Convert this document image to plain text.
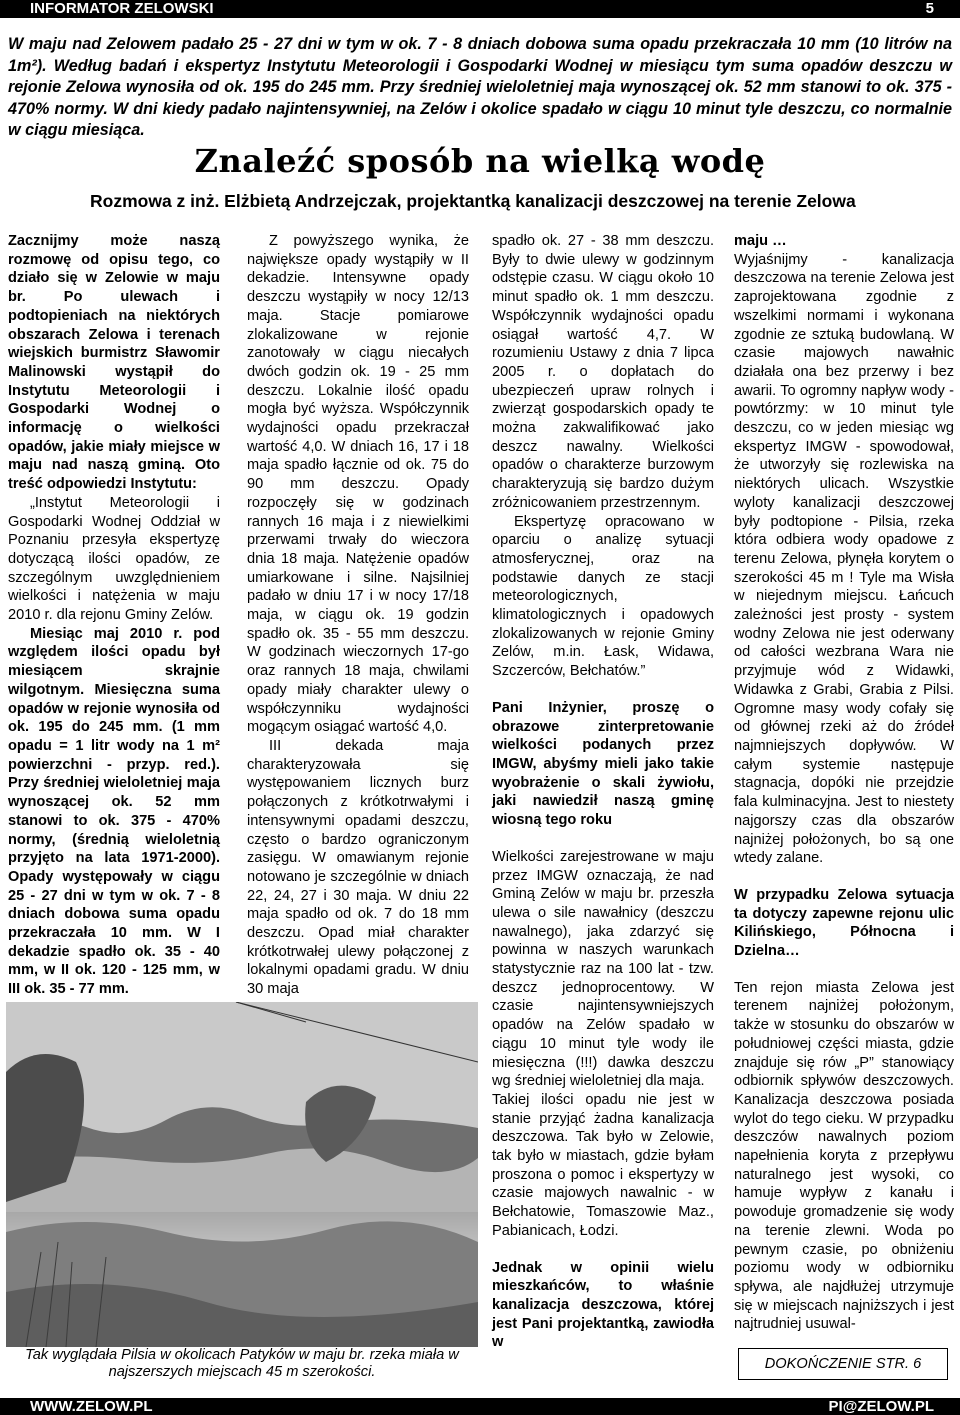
INFORMATOR ZELOWSKI	5
W maju nad Zelowem padało 25 - 27 dni w tym w ok. 7 - 8 dniach dobowa suma opadu przekraczała 10 mm (10 litrów na 1m²). Według badań i ekspertyz Instytutu Meteorologii i Gospodarki Wodnej w miesiącu tym suma opadów deszczu w rejonie Zelowa wynosiła od ok. 195 do 245 mm. Przy średniej wieloletniej maja wynoszącej ok. 52 mm stanowi to ok. 375 - 470% normy. W dni kiedy padało najintensywniej, na Zelów i okolice spadało w ciągu 10 minut tyle deszczu, co normalnie w ciągu miesiąca.
Znaleźć sposób na wielką wodę
Rozmowa z inż. Elżbietą Andrzejczak, projektantką kanalizacji deszczowej na terenie Zelowa

Zacznijmy może naszą rozmowę od opisu tego, co działo się w Zelowie w maju br. Po ulewach i podtopieniach na niektórych obszarach Zelowa i terenach wiejskich burmistrz Sławomir Malinowski wystąpił do Instytutu Meteorologii i Gospodarki Wodnej o informację o wielkości opadów, jakie miały miejsce w maju nad naszą gminą. Oto treść odpowiedzi Instytutu:

„Instytut Meteorologii i Gospodarki Wodnej Oddział w Poznaniu przesyła ekspertyzę dotyczącą ilości opadów, ze szczególnym uwzględnieniem wielkości i natężenia w maju 2010 r. dla rejonu Gminy Zelów.

Miesiąc maj 2010 r. pod względem ilości opadu był miesiącem skrajnie wilgotnym. Miesięczna suma opadów w rejonie wynosiła od ok. 195 do 245 mm. (1 mm opadu = 1 litr wody na 1 m² powierzchni - przyp. red.). Przy średniej wieloletniej maja wynoszącej ok. 52 mm stanowi to ok. 375 - 470% normy, (średnią wieloletnią przyjęto na lata 1971-2000). Opady występowały w ciągu 25 - 27 dni w tym w ok. 7 - 8 dniach dobowa suma opadu przekraczała 10 mm. W I dekadzie spadło ok. 35 - 40 mm, w II ok. 120 - 125 mm, w III ok. 35 - 77 mm.

Z powyższego wynika, że największe opady wystąpiły w II dekadzie. Intensywne opady deszczu wystąpiły w nocy 12/13 maja. Stacje pomiarowe zlokalizowane w rejonie zanotowały w ciągu niecałych dwóch godzin ok. 19 - 25 mm deszczu. Lokalnie ilość opadu mogła być wyższa. Współczynnik wydajności opadu przekraczał wartość 4,0. W dniach 16, 17 i 18 maja spadło łącznie od ok. 75 do 90 mm deszczu. Opady rozpoczęły się w godzinach rannych 16 maja i z niewielkimi przerwami trwały do wieczora dnia 18 maja. Natężenie opadów umiarkowane i silne. Najsilniej padało w dniu 17 i w nocy 17/18 maja, w ciągu ok. 19 godzin spadło ok. 35 - 55 mm deszczu. W godzinach wieczornych 17-go oraz rannych 18 maja, chwilami opady miały charakter ulewy o współczynniku wydajności mogącym osiągać wartość 4,0.

III dekada maja charakteryzowała się występowaniem licznych burz połączonych z krótkotrwałymi i intensywnymi opadami deszczu, często o bardzo ograniczonym zasięgu. W omawianym rejonie notowano je szczególnie w dniach 22, 24, 27 i 30 maja. W dniu 22 maja spadło od ok. 7 do 18 mm deszczu. Opad miał charakter krótkotrwałej ulewy połączonej z lokalnymi opadami gradu. W dniu 30 maja

spadło ok. 27 - 38 mm deszczu. Były to dwie ulewy w godzinnym odstępie czasu. W ciągu około 10 minut spadło ok. 1 mm deszczu. Współczynnik wydajności opadu osiągał wartość 4,7. W rozumieniu Ustawy z dnia 7 lipca 2005 r. o dopłatach do ubezpieczeń upraw rolnych i zwierząt gospodarskich opady te można zakwalifikować jako deszcz nawalny. Wielkości opadów o charakterze burzowym charakteryzują się bardzo dużym zróżnicowaniem przestrzennym.

Ekspertyzę opracowano w oparciu o analizę sytuacji atmosferycznej, oraz na podstawie danych ze stacji meteorologicznych, klimatologicznych i opadowych zlokalizowanych w rejonie Gminy Zelów, m.in. Łask, Widawa, Szczerców, Bełchatów.”

Pani Inżynier, proszę o obrazowe zinterpretowanie wielkości podanych przez IMGW, abyśmy mieli jako takie wyobrażenie o skali żywiołu, jaki nawiedził naszą gminę wiosną tego roku

Wielkości zarejestrowane w maju przez IMGW oznaczają, że nad Gminą Zelów w maju br. przeszła ulewa o sile nawałnicy (deszczu nawalnego), jaka zdarzyć się powinna w naszych warunkach statystycznie raz na 100 lat - tzw. deszcz jednoprocentowy. W czasie najintensywniejszych opadów na Zelów spadało w ciągu 10 minut tyle wody ile miesięczna (!!!) dawka deszczu wg średniej wieloletniej dla maja.

Takiej ilości opadu nie jest w stanie przyjąć żadna kanalizacja deszczowa. Tak było w Zelowie, tak było w miastach, gdzie byłam proszona o pomoc i ekspertyzy w czasie majowych nawalnic - w Bełchatowie, Tomaszowie Maz., Pabianicach, Łodzi.

Jednak w opinii wielu mieszkańców, to właśnie kanalizacja deszczowa, której jest Pani projektantką, zawiodła w

maju …

Wyjaśnijmy - kanalizacja deszczowa na terenie Zelowa jest zaprojektowana zgodnie z wszelkimi normami i wykonana zgodnie ze sztuką budowlaną. W czasie majowych nawałnic działała ona bez przerwy i bez awarii. To ogromny napływ wody - powtórzmy: w 10 minut tyle deszczu, co w jeden miesiąc wg ekspertyz IMGW - spowodował, że utworzyły się rozlewiska na niektórych ulicach. Wszystkie wyloty kanalizacji deszczowej były podtopione - Pilsia, rzeka która odbiera wody opadowe z terenu Zelowa, płynęła korytem o szerokości 45 m ! Tyle ma Wisła w niejednym miejscu. Łańcuch zależności jest prosty - system wodny Zelowa nie jest oderwany od całości wezbrana Wara nie przyjmuje wód z Widawki, Widawka z Grabi, Grabia z Pilsi. Ogromne masy wody cofały się od głównej rzeki aż do źródeł najmniejszych dopływów. W całym systemie następuje stagnacja, dopóki nie przejdzie fala kulminacyjna. Jest to niestety najgorszy czas dla obszarów najniżej położonych, bo są one wtedy zalane.

W przypadku Zelowa sytuacja ta dotyczy zapewne rejonu ulic Kilińskiego, Północna i Dzielna…

Ten rejon miasta Zelowa jest terenem najniżej położonym, także w stosunku do obszarów w południowej części miasta, gdzie znajduje się rów „P” stanowiący odbiornik spływów deszczowych. Kanalizacja deszczowa posiada wylot do tego cieku. W przypadku deszczów nawalnych poziom napełnienia koryta z przepływu naturalnego jest wysoki, co hamuje wypływ z kanału i powoduje gromadzenie się wody na terenie zlewni. Woda po pewnym czasie, po obniżeniu poziomu wody w odbiorniku spływa, ale najdłużej utrzymuje się w miejscach najniższych i jest najtrudniej usuwal-

Tak wyglądała Pilsia w okolicach Patyków w maju br. rzeka miała w najszerszych miejscach 45 m szerokości.	DOKOŃCZENIE STR. 6
WWW.ZELOW.PL	PI@ZELOW.PL
